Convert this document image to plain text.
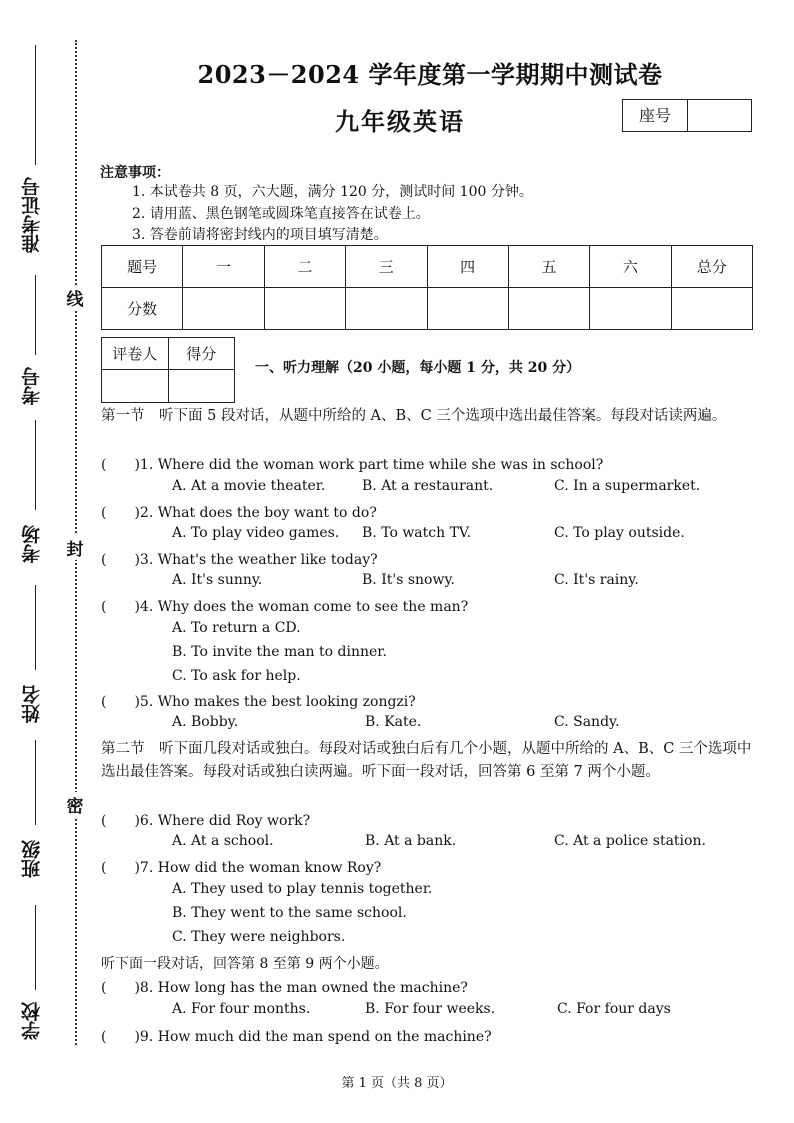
准考证号
考号
考场
姓名
班级
学校
线
封
密
2023－2024 学年度第一学期期中测试卷
九年级英语	座号
注意事项：
1. 本试卷共 8 页，六大题，满分 120 分，测试时间 100 分钟。
2. 请用蓝、黑色钢笔或圆珠笔直接答在试卷上。
3. 答卷前请将密封线内的项目填写清楚。
题号	一	二	三	四	五	六	总分
分数							
评卷人	得分

一、听力理解（20 小题，每小题 1 分，共 20 分）
第一节　听下面 5 段对话，从题中所给的 A、B、C 三个选项中选出最佳答案。每段对话读两遍。
(　　)1. Where did the woman work part time while she was in school?
A. At a movie theater.	B. At a restaurant.	C. In a supermarket.
(　　)2. What does the boy want to do?
A. To play video games. B. To watch TV.	C. To play outside.
(　　)3. What's the weather like today?
A. It's sunny.	B. It's snowy.	C. It's rainy.
(　　)4. Why does the woman come to see the man?
A. To return a CD.
B. To invite the man to dinner.
C. To ask for help.
(　　)5. Who makes the best looking zongzi?
A. Bobby.	B. Kate.	C. Sandy.
第二节　听下面几段对话或独白。每段对话或独白后有几个小题，从题中所给的 A、B、C 三个选项中选出最佳答案。每段对话或独白读两遍。听下面一段对话，回答第 6 至第 7 两个小题。
(　　)6. Where did Roy work?
A. At a school.	B. At a bank.	C. At a police station.
(　　)7. How did the woman know Roy?
A. They used to play tennis together.
B. They went to the same school.
C. They were neighbors.
听下面一段对话，回答第 8 至第 9 两个小题。
(　　)8. How long has the man owned the machine?
A. For four months.	B. For four weeks.	C. For four days
(　　)9. How much did the man spend on the machine?
第 1 页（共 8 页）
